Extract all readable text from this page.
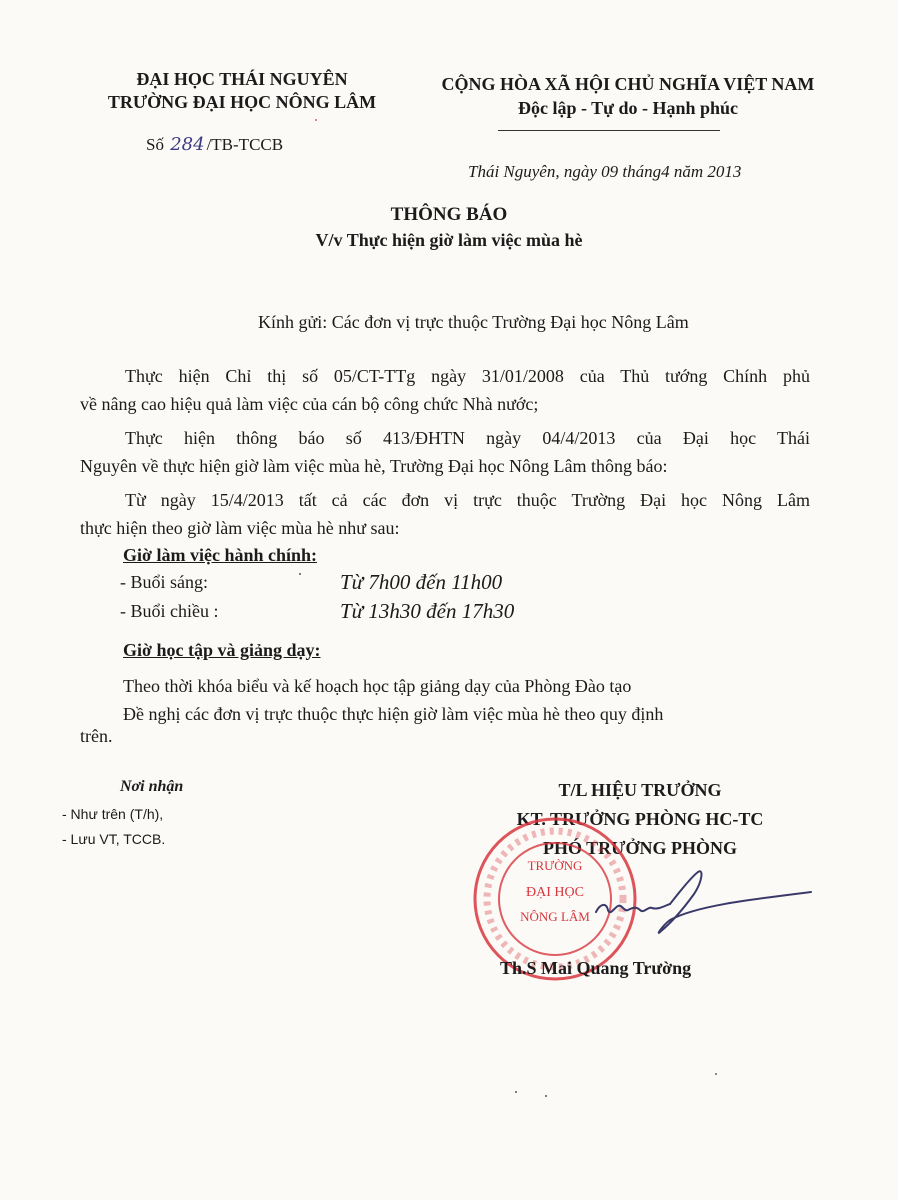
ĐẠI HỌC THÁI NGUYÊN
TRƯỜNG ĐẠI HỌC NÔNG LÂM
CỘNG HÒA XÃ HỘI CHỦ NGHĨA VIỆT NAM
Độc lập - Tự do - Hạnh phúc
Số 284 /TB-TCCB
Thái Nguyên, ngày 09 tháng4 năm 2013
THÔNG BÁO
V/v Thực hiện giờ làm việc mùa hè
Kính gửi: Các đơn vị trực thuộc Trường Đại học Nông Lâm
Thực hiện Chỉ thị số 05/CT-TTg ngày 31/01/2008 của Thủ tướng Chính phủ
về nâng cao hiệu quả làm việc của cán bộ công chức Nhà nước;
Thực hiện thông báo số 413/ĐHTN ngày 04/4/2013 của Đại học Thái
Nguyên về thực hiện giờ làm việc mùa hè, Trường Đại học Nông Lâm thông báo:
Từ ngày 15/4/2013 tất cả các đơn vị trực thuộc Trường Đại học Nông Lâm
thực hiện theo giờ làm việc mùa hè như sau:
Giờ làm việc hành chính:
- Buổi sáng:	Từ 7h00 đến 11h00
- Buổi chiều :	Từ 13h30 đến 17h30
Giờ học tập và giảng dạy:
Theo thời khóa biểu và kế hoạch học tập giảng dạy của Phòng Đào tạo
Đề nghị các đơn vị trực thuộc thực hiện giờ làm việc mùa hè theo quy định
trên.
Nơi nhận
- Như trên (T/h),
- Lưu VT, TCCB.
T/L HIỆU TRƯỞNG
KT. TRƯỞNG PHÒNG HC-TC
PHÓ TRƯỞNG PHÒNG
TRƯỜNG
ĐẠI HỌC
NÔNG LÂM
Th.S Mai Quang Trường
